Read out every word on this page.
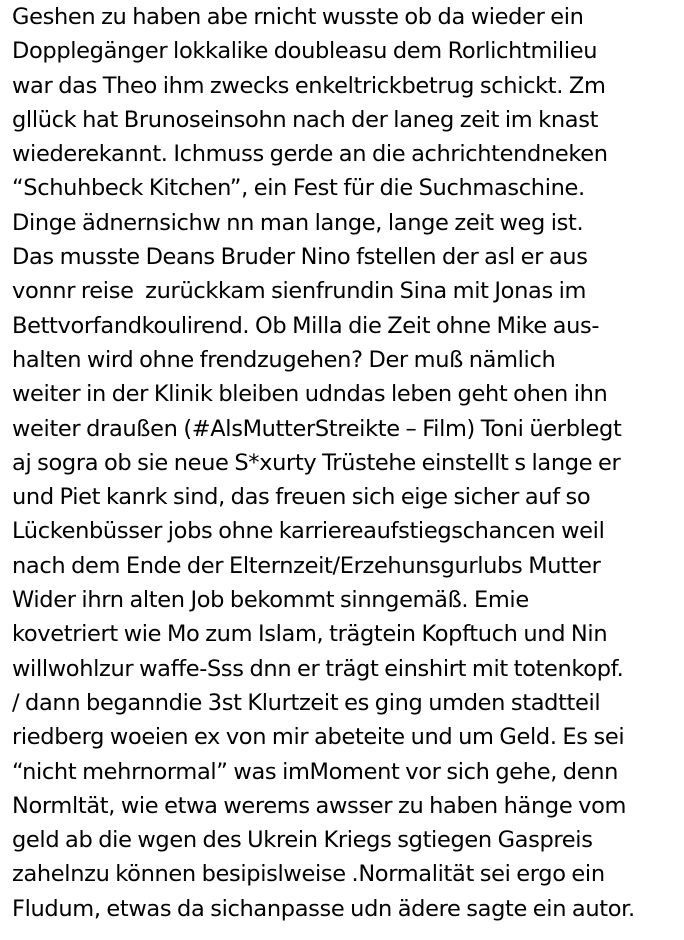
Geshen zu haben abe rnicht wusste ob da wieder ein
Dopplegänger lokkalike doubleasu dem Rorlichtmilieu
war das Theo ihm zwecks enkeltrickbetrug schickt. Zm
gllück hat Brunoseinsohn nach der laneg zeit im knast
wiederekannt. Ichmuss gerde an die achrichtendneken
“Schuhbeck Kitchen”, ein Fest für die Suchmaschine.
Dinge ädnernsichw nn man lange, lange zeit weg ist.
Das musste Deans Bruder Nino fstellen der asl er aus
vonnr reise  zurückkam sienfrundin Sina mit Jonas im
Bettvorfandkoulirend. Ob Milla die Zeit ohne Mike aus-
halten wird ohne frendzugehen? Der muß nämlich
weiter in der Klinik bleiben udndas leben geht ohen ihn
weiter draußen (#AlsMutterStreikte – Film) Toni üerblegt
aj sogra ob sie neue S*xurty Trüstehe einstellt s lange er
und Piet kanrk sind, das freuen sich eige sicher auf so
Lückenbüsser jobs ohne karriereaufstiegschancen weil
nach dem Ende der Elternzeit/Erzehunsgurlubs Mutter
Wider ihrn alten Job bekommt sinngemäß. Emie
kovetriert wie Mo zum Islam, trägtein Kopftuch und Nin
willwohlzur waffe-Sss dnn er trägt einshirt mit totenkopf.
/ dann beganndie 3st Klurtzeit es ging umden stadtteil
riedberg woeien ex von mir abeteite und um Geld. Es sei
“nicht mehrnormal” was imMoment vor sich gehe, denn
Normltät, wie etwa werems awsser zu haben hänge vom
geld ab die wgen des Ukrein Kriegs sgtiegen Gaspreis
zahelnzu können besipislweise .Normalität sei ergo ein
Fludum, etwas da sichanpasse udn ädere sagte ein autor.
